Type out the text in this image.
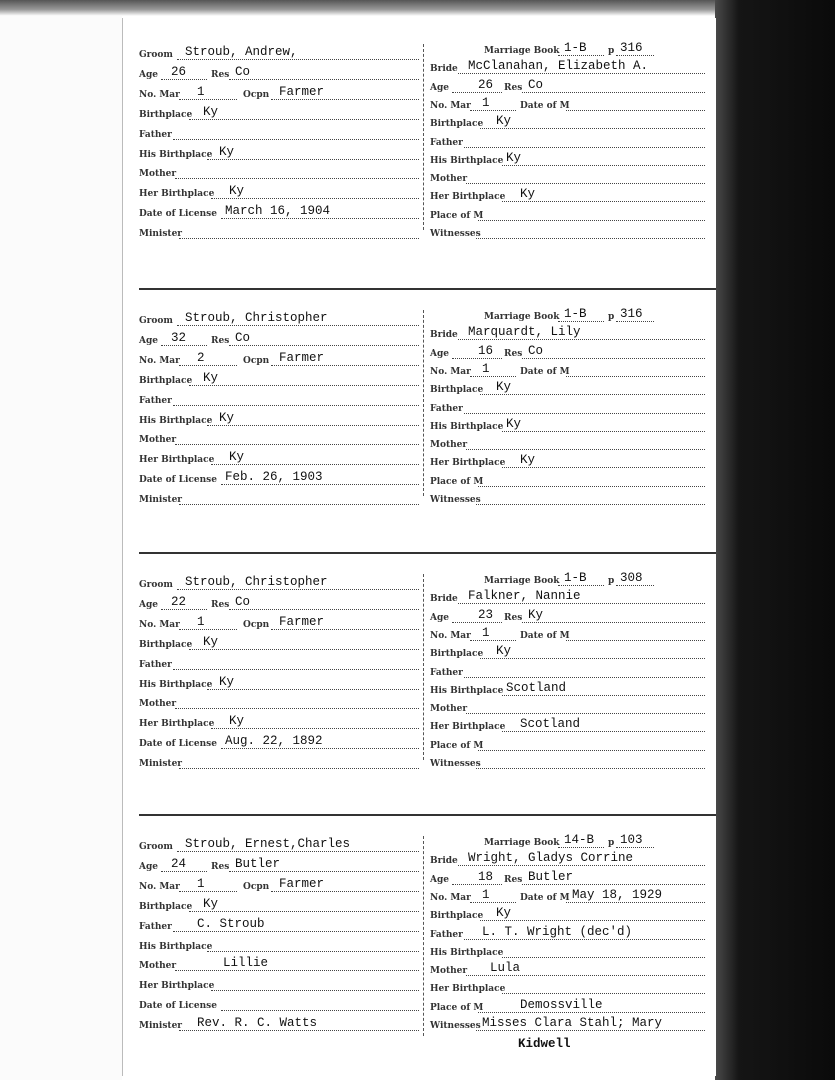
Groom Stroub, Andrew,
Age 26	Res Co
No. Mar 1	Ocpn Farmer
Birthplace Ky
Father
His Birthplace Ky
Mother
Her Birthplace Ky
Date of License March 16, 1904
Minister
Marriage Book 1-B p 316
Bride McClanahan, Elizabeth A.
Age 26 Res Co
No. Mar 1	Date of M
Birthplace Ky
Father
His Birthplace Ky
Mother
Her Birthplace Ky
Place of M
Witnesses
Groom Stroub, Christopher
Age 32	Res Co
No. Mar 2	Ocpn Farmer
Birthplace Ky
Father
His Birthplace Ky
Mother
Her Birthplace Ky
Date of License Feb. 26, 1903
Minister
Marriage Book 1-B p 316
Bride Marquardt, Lily
Age 16 Res Co
No. Mar 1	Date of M
Birthplace Ky
Father
His Birthplace Ky
Mother
Her Birthplace Ky
Place of M
Witnesses
Groom Stroub, Christopher
Age 22	Res Co
No. Mar 1	Ocpn Farmer
Birthplace Ky
Father
His Birthplace Ky
Mother
Her Birthplace Ky
Date of License Aug. 22, 1892
Minister
Marriage Book 1-B p 308
Bride Falkner, Nannie
Age 23 Res Ky
No. Mar 1	Date of M
Birthplace Ky
Father
His Birthplace Scotland
Mother
Her Birthplace Scotland
Place of M
Witnesses
Groom Stroub, Ernest,Charles
Age 24	Res Butler
No. Mar 1	Ocpn Farmer
Birthplace Ky
Father C. Stroub
His Birthplace
Mother	Lillie
Her Birthplace
Date of License
Minister Rev. R. C. Watts
Marriage Book 14-B p 103
Bride Wright, Gladys Corrine
Age 18 Res Butler
No. Mar 1	Date of M May 18, 1929
Birthplace Ky
Father L. T. Wright (dec'd)
His Birthplace
Mother Lula
Her Birthplace
Place of M	Demossville
Witnesses Misses Clara Stahl; Mary
Kidwell
